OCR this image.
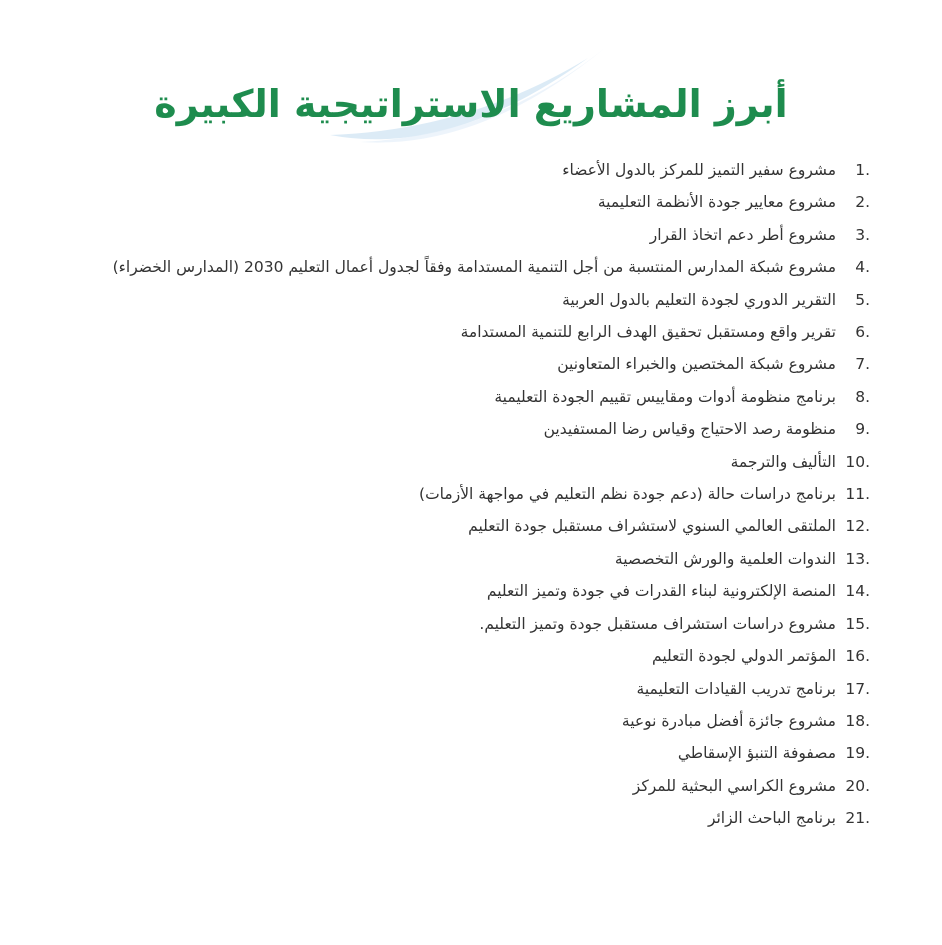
أبرز المشاريع الاستراتيجية الكبيرة
1.
مشروع سفير التميز للمركز بالدول الأعضاء
2.
مشروع معايير جودة الأنظمة التعليمية
3.
مشروع أطر دعم اتخاذ القرار
4.
مشروع شبكة المدارس المنتسبة من أجل التنمية المستدامة وفقاً لجدول أعمال التعليم 2030 (المدارس الخضراء)
5.
التقرير الدوري لجودة التعليم بالدول العربية
6.
تقرير واقع ومستقبل تحقيق الهدف الرابع للتنمية المستدامة
7.
مشروع شبكة المختصين والخبراء المتعاونين
8.
برنامج منظومة أدوات ومقاييس تقييم الجودة التعليمية
9.
منظومة رصد الاحتياج وقياس رضا المستفيدين
10.
التأليف والترجمة
11.
برنامج دراسات حالة (دعم جودة نظم التعليم في مواجهة الأزمات)
12.
الملتقى العالمي السنوي لاستشراف مستقبل جودة التعليم
13.
الندوات العلمية والورش التخصصية
14.
المنصة الإلكترونية لبناء القدرات في جودة وتميز التعليم
15.
مشروع دراسات استشراف مستقبل جودة وتميز التعليم.
16.
المؤتمر الدولي لجودة التعليم
17.
برنامج تدريب القيادات التعليمية
18.
مشروع جائزة أفضل مبادرة نوعية
19.
مصفوفة التنبؤ الإسقاطي
20.
مشروع الكراسي البحثية للمركز
21.
برنامج الباحث الزائر
